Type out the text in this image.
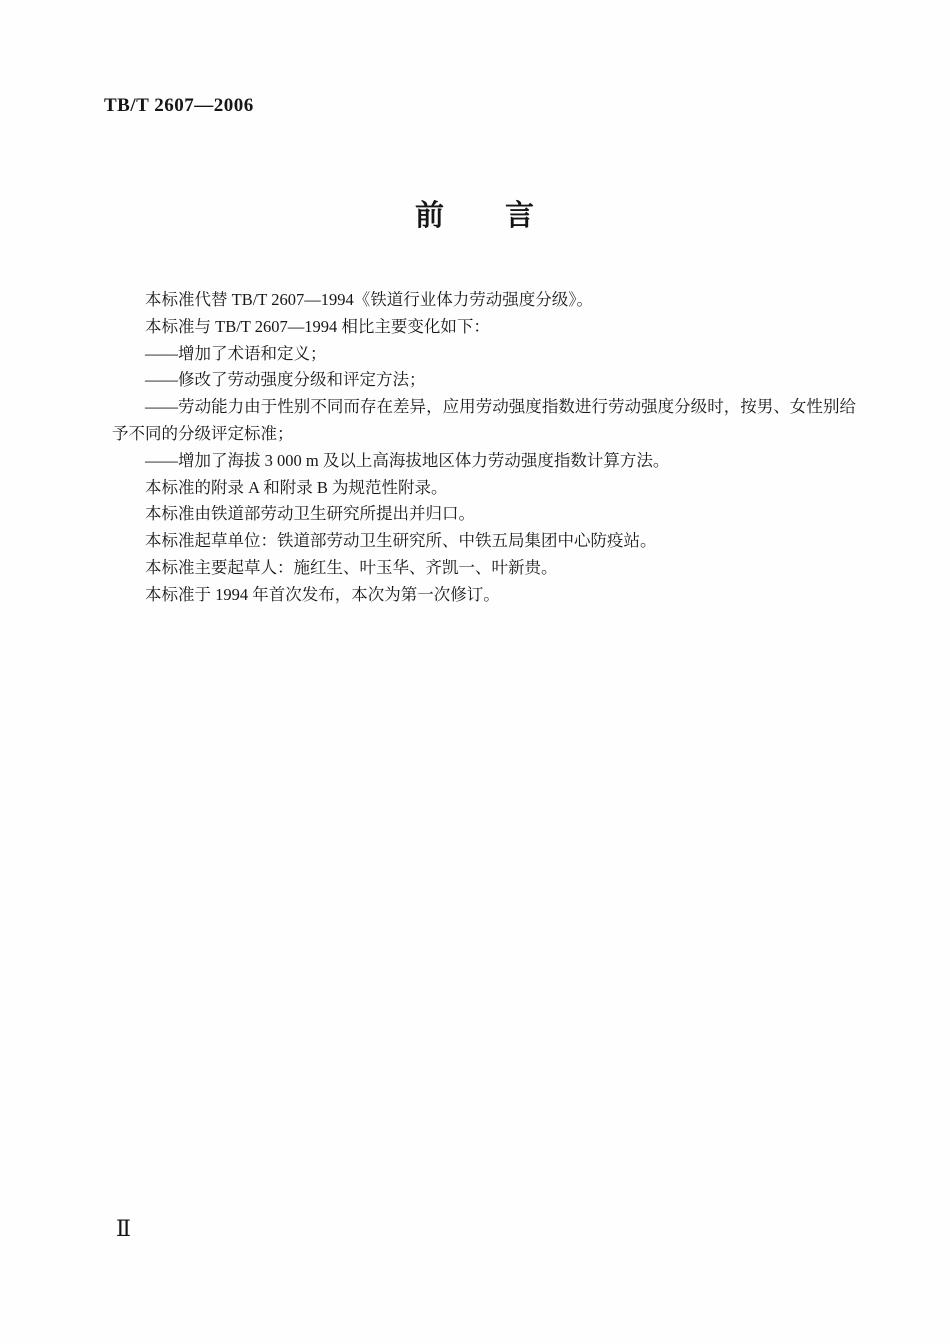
TB/T 2607—2006
前　　言

本标准代替 TB/T 2607—1994《铁道行业体力劳动强度分级》。

本标准与 TB/T 2607—1994 相比主要变化如下：

——增加了术语和定义；

——修改了劳动强度分级和评定方法；

——劳动能力由于性别不同而存在差异，应用劳动强度指数进行劳动强度分级时，按男、女性别给予不同的分级评定标准；

——增加了海拔 3 000 m 及以上高海拔地区体力劳动强度指数计算方法。

本标准的附录 A 和附录 B 为规范性附录。

本标准由铁道部劳动卫生研究所提出并归口。

本标准起草单位：铁道部劳动卫生研究所、中铁五局集团中心防疫站。

本标准主要起草人：施红生、叶玉华、齐凯一、叶新贵。

本标准于 1994 年首次发布，本次为第一次修订。

Ⅱ
